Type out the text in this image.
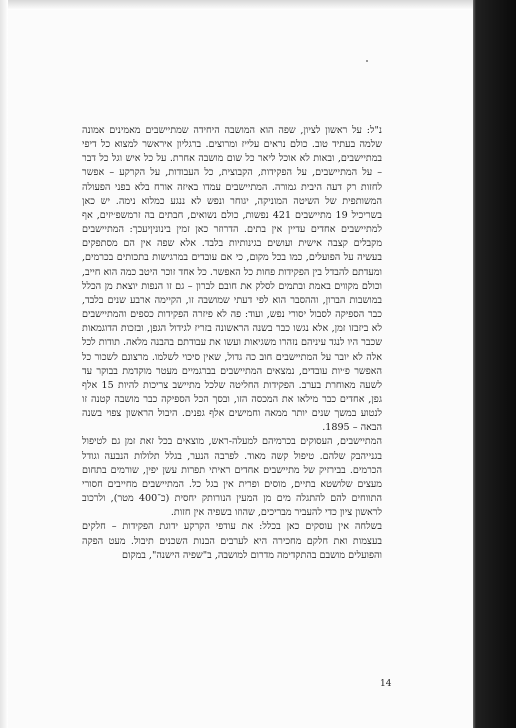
נ"ל: על ראשון לציון, שפה הוא המושבה היחידה שמתיישבים מאמינים אמונה שלמה בעתיד טוב. כולם נראים עלייז ומרוצים. ברגליון איראשר למצוא כל דיפי במתיישבים, ובאות לא אוכל ליאר כל שום מושבה אחרת. על כל איש וגל כל דבר – על המתיישבים, על הפקידות, הקבוצית, כל העבודות, על הקרקע – אפשר לחזות רק דעה היבית גמורה. המתיישבים עמדו באיזה אורח בלא בפני הפעולה המשותפית של השיטה המוניקה, יגוחר ונפש לא ננגע כמלוא נימה. יש כאן בשריכיל 19 מתיישבים 421 נפשות, כולם נשואים, חבתים בה זרמשפ׳יזים, אף למתיישבים אחדים עדיין אין בתים. הדרוזר כאן זמין בינוניןיעכך: המתיישבים מקבלים קצבה אישית ועושים בגינותיות בלבד. אלא שפה אין הם מסתפקים בעשיה על הפועלים, כמו בכל מקום, כי אם עובדים במרגישות בתכותים בכרמים, ומעדתם להבדל בין הפקידות פחות כל האפשר. כל אחד זוכר היטב כמה הוא חייב, וכולם מקווים באמת ובתמים לסלק את חובם לברון – גם זו הנפות יוצאת מן הכלל במושבות הברון, וההסבר הוא לפי דעתי שמושבה זו, הקיימה ארבע שנים בלבד, כבר הספיקה לסבול יסורי נפש, ועוד: פה לא פיזרה הפקידות כספים והמתיישבים לא ביזבזו זמן, אלא נגשו כבר בשנה הראשונה בזריז לגידול הגפן, ובזכות הדוגמאות שכבר היו לנגד עיניהם נזהרו משגיאות ועשו את עבודתם בהבנה מלאה. תודות לכל אלה לא יובר על המתיישבים חוב כה גדול, שאין סיכוי לשלמו. מרצונם לשכור כל האפשר פ׳יות עובדים, נמצאים המתיישבים בברגמיים מעטר מוקדמת בבוקר עד לשעה מאוחרת בערב. הפקידות החליטה שלכל מתיישב צריכות להיות 15 אלף גפן, אחדים כבר מילאו את המכסה הזו, ובסך הכל הספיקה כבר מושבה קטנה זו לנטוע במשך שנים יותר ממאה וחמישים אלף גפנים. היבול הראשון צפוי בשנה הבאה – 1895.

המתיישבים, העסוקים בכרמיהם למעלה-ראש, מוצאים בכל זאת זמן גם לטיפול בגנייהבק שלהם. טיפול קשה מאוד. לפרבה הנער, בגלל תלולות הנבעה וגודל הכרמים. בבירזיק של מתיישבים אחדים ראיתי תפרות עשן יפין, שורמים בתחום מעצים שלושטא בתיים, מוסים ופרית אין בגל כל. המתיישבים מחייבים חסורי התווחים להם להתגלה מים מן המעין הנורותק יחסית (כ־400 מטר), ולרכוב לראשון ציון כדי להעביר מבריכים, שהוזו בשפיה אין חזות.

בשלחה אין עוסקים כאן בכלל: את עודפי הקרקע ידוגת הפקידות – חלקים בעצמות ואת חלקם מחכירה היא לערבים הבנות השכנים תיבול. מעט הפקה והפועלים מושבם בהתקדימה מדרום למושבה, ב"שפיה הישנה", במקום

14
